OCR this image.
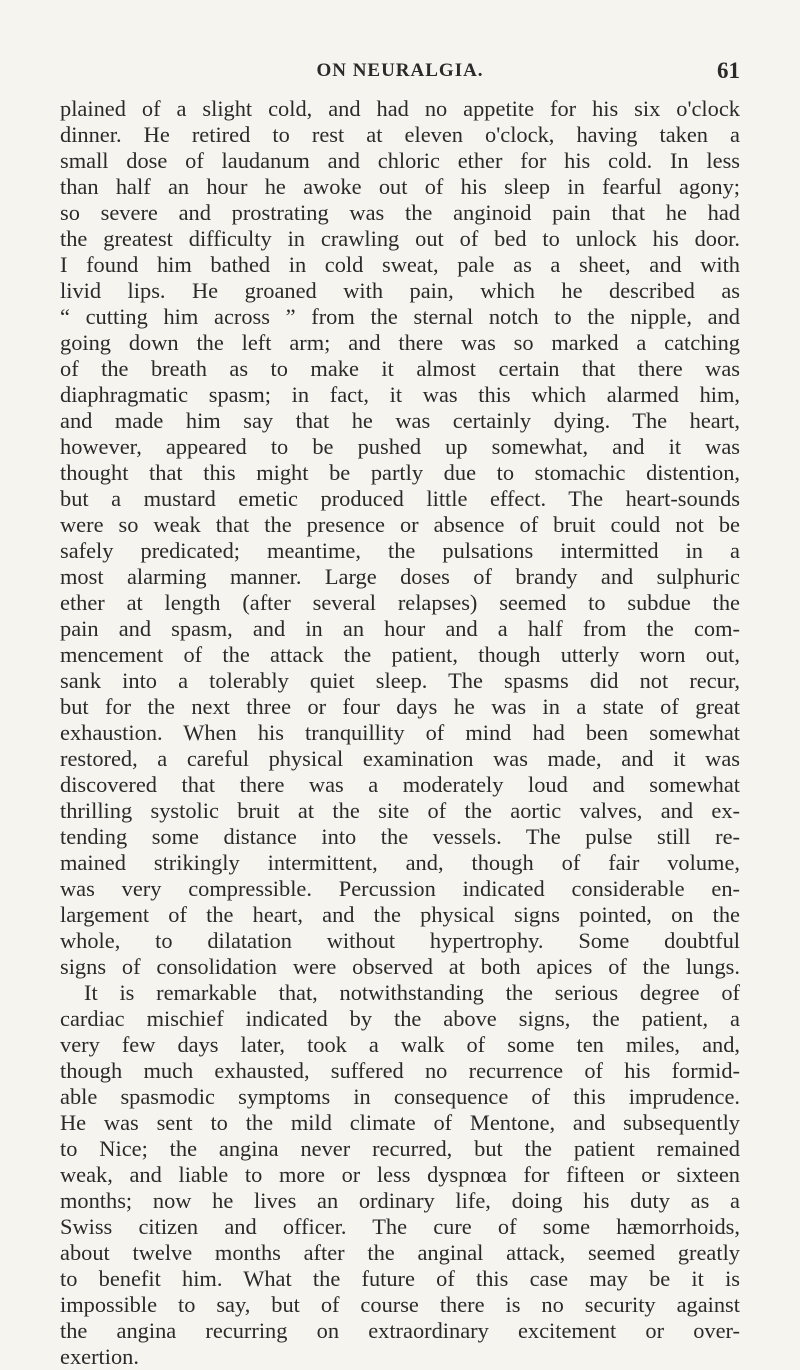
ON NEURALGIA.	61
plained of a slight cold, and had no appetite for his six o'clock
dinner. He retired to rest at eleven o'clock, having taken a
small dose of laudanum and chloric ether for his cold. In less
than half an hour he awoke out of his sleep in fearful agony;
so severe and prostrating was the anginoid pain that he had
the greatest difficulty in crawling out of bed to unlock his door.
I found him bathed in cold sweat, pale as a sheet, and with
livid lips. He groaned with pain, which he described as
“ cutting him across ” from the sternal notch to the nipple, and
going down the left arm; and there was so marked a catching
of the breath as to make it almost certain that there was
diaphragmatic spasm; in fact, it was this which alarmed him,
and made him say that he was certainly dying. The heart,
however, appeared to be pushed up somewhat, and it was
thought that this might be partly due to stomachic distention,
but a mustard emetic produced little effect. The heart-sounds
were so weak that the presence or absence of bruit could not be
safely predicated; meantime, the pulsations intermitted in a
most alarming manner. Large doses of brandy and sulphuric
ether at length (after several relapses) seemed to subdue the
pain and spasm, and in an hour and a half from the com-
mencement of the attack the patient, though utterly worn out,
sank into a tolerably quiet sleep. The spasms did not recur,
but for the next three or four days he was in a state of great
exhaustion. When his tranquillity of mind had been somewhat
restored, a careful physical examination was made, and it was
discovered that there was a moderately loud and somewhat
thrilling systolic bruit at the site of the aortic valves, and ex-
tending some distance into the vessels. The pulse still re-
mained strikingly intermittent, and, though of fair volume,
was very compressible. Percussion indicated considerable en-
largement of the heart, and the physical signs pointed, on the
whole, to dilatation without hypertrophy. Some doubtful
signs of consolidation were observed at both apices of the lungs.
It is remarkable that, notwithstanding the serious degree of
cardiac mischief indicated by the above signs, the patient, a
very few days later, took a walk of some ten miles, and,
though much exhausted, suffered no recurrence of his formid-
able spasmodic symptoms in consequence of this imprudence.
He was sent to the mild climate of Mentone, and subsequently
to Nice; the angina never recurred, but the patient remained
weak, and liable to more or less dyspnœa for fifteen or sixteen
months; now he lives an ordinary life, doing his duty as a
Swiss citizen and officer. The cure of some hæmorrhoids,
about twelve months after the anginal attack, seemed greatly
to benefit him. What the future of this case may be it is
impossible to say, but of course there is no security against
the angina recurring on extraordinary excitement or over-
exertion.
